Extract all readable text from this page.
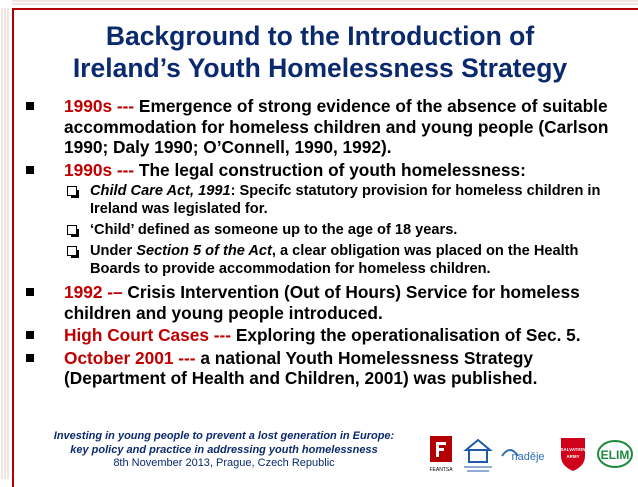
Background to the Introduction of
Ireland’s Youth Homelessness Strategy
1990s --- Emergence of strong evidence of the absence of suitable accommodation for homeless children and young people (Carlson 1990; Daly 1990; O’Connell, 1990, 1992).
1990s --- The legal construction of youth homelessness:
Child Care Act, 1991: Specifc statutory provision for homeless children in Ireland was legislated for.
‘Child’ defined as someone up to the age of 18 years.
Under Section 5 of the Act, a clear obligation was placed on the Health Boards to provide accommodation for homeless children.
1992 -– Crisis Intervention (Out of Hours) Service for homeless children and young people introduced.
High Court Cases --- Exploring the operationalisation of Sec. 5.
October 2001 --- a national Youth Homelessness Strategy (Department of Health and Children, 2001) was published.
Investing in young people to prevent a lost generation in Europe:
key policy and practice in addressing youth homelessness
8th November 2013, Prague, Czech Republic
FEANTSA
naděje
SALVATION
ARMY ELIM
